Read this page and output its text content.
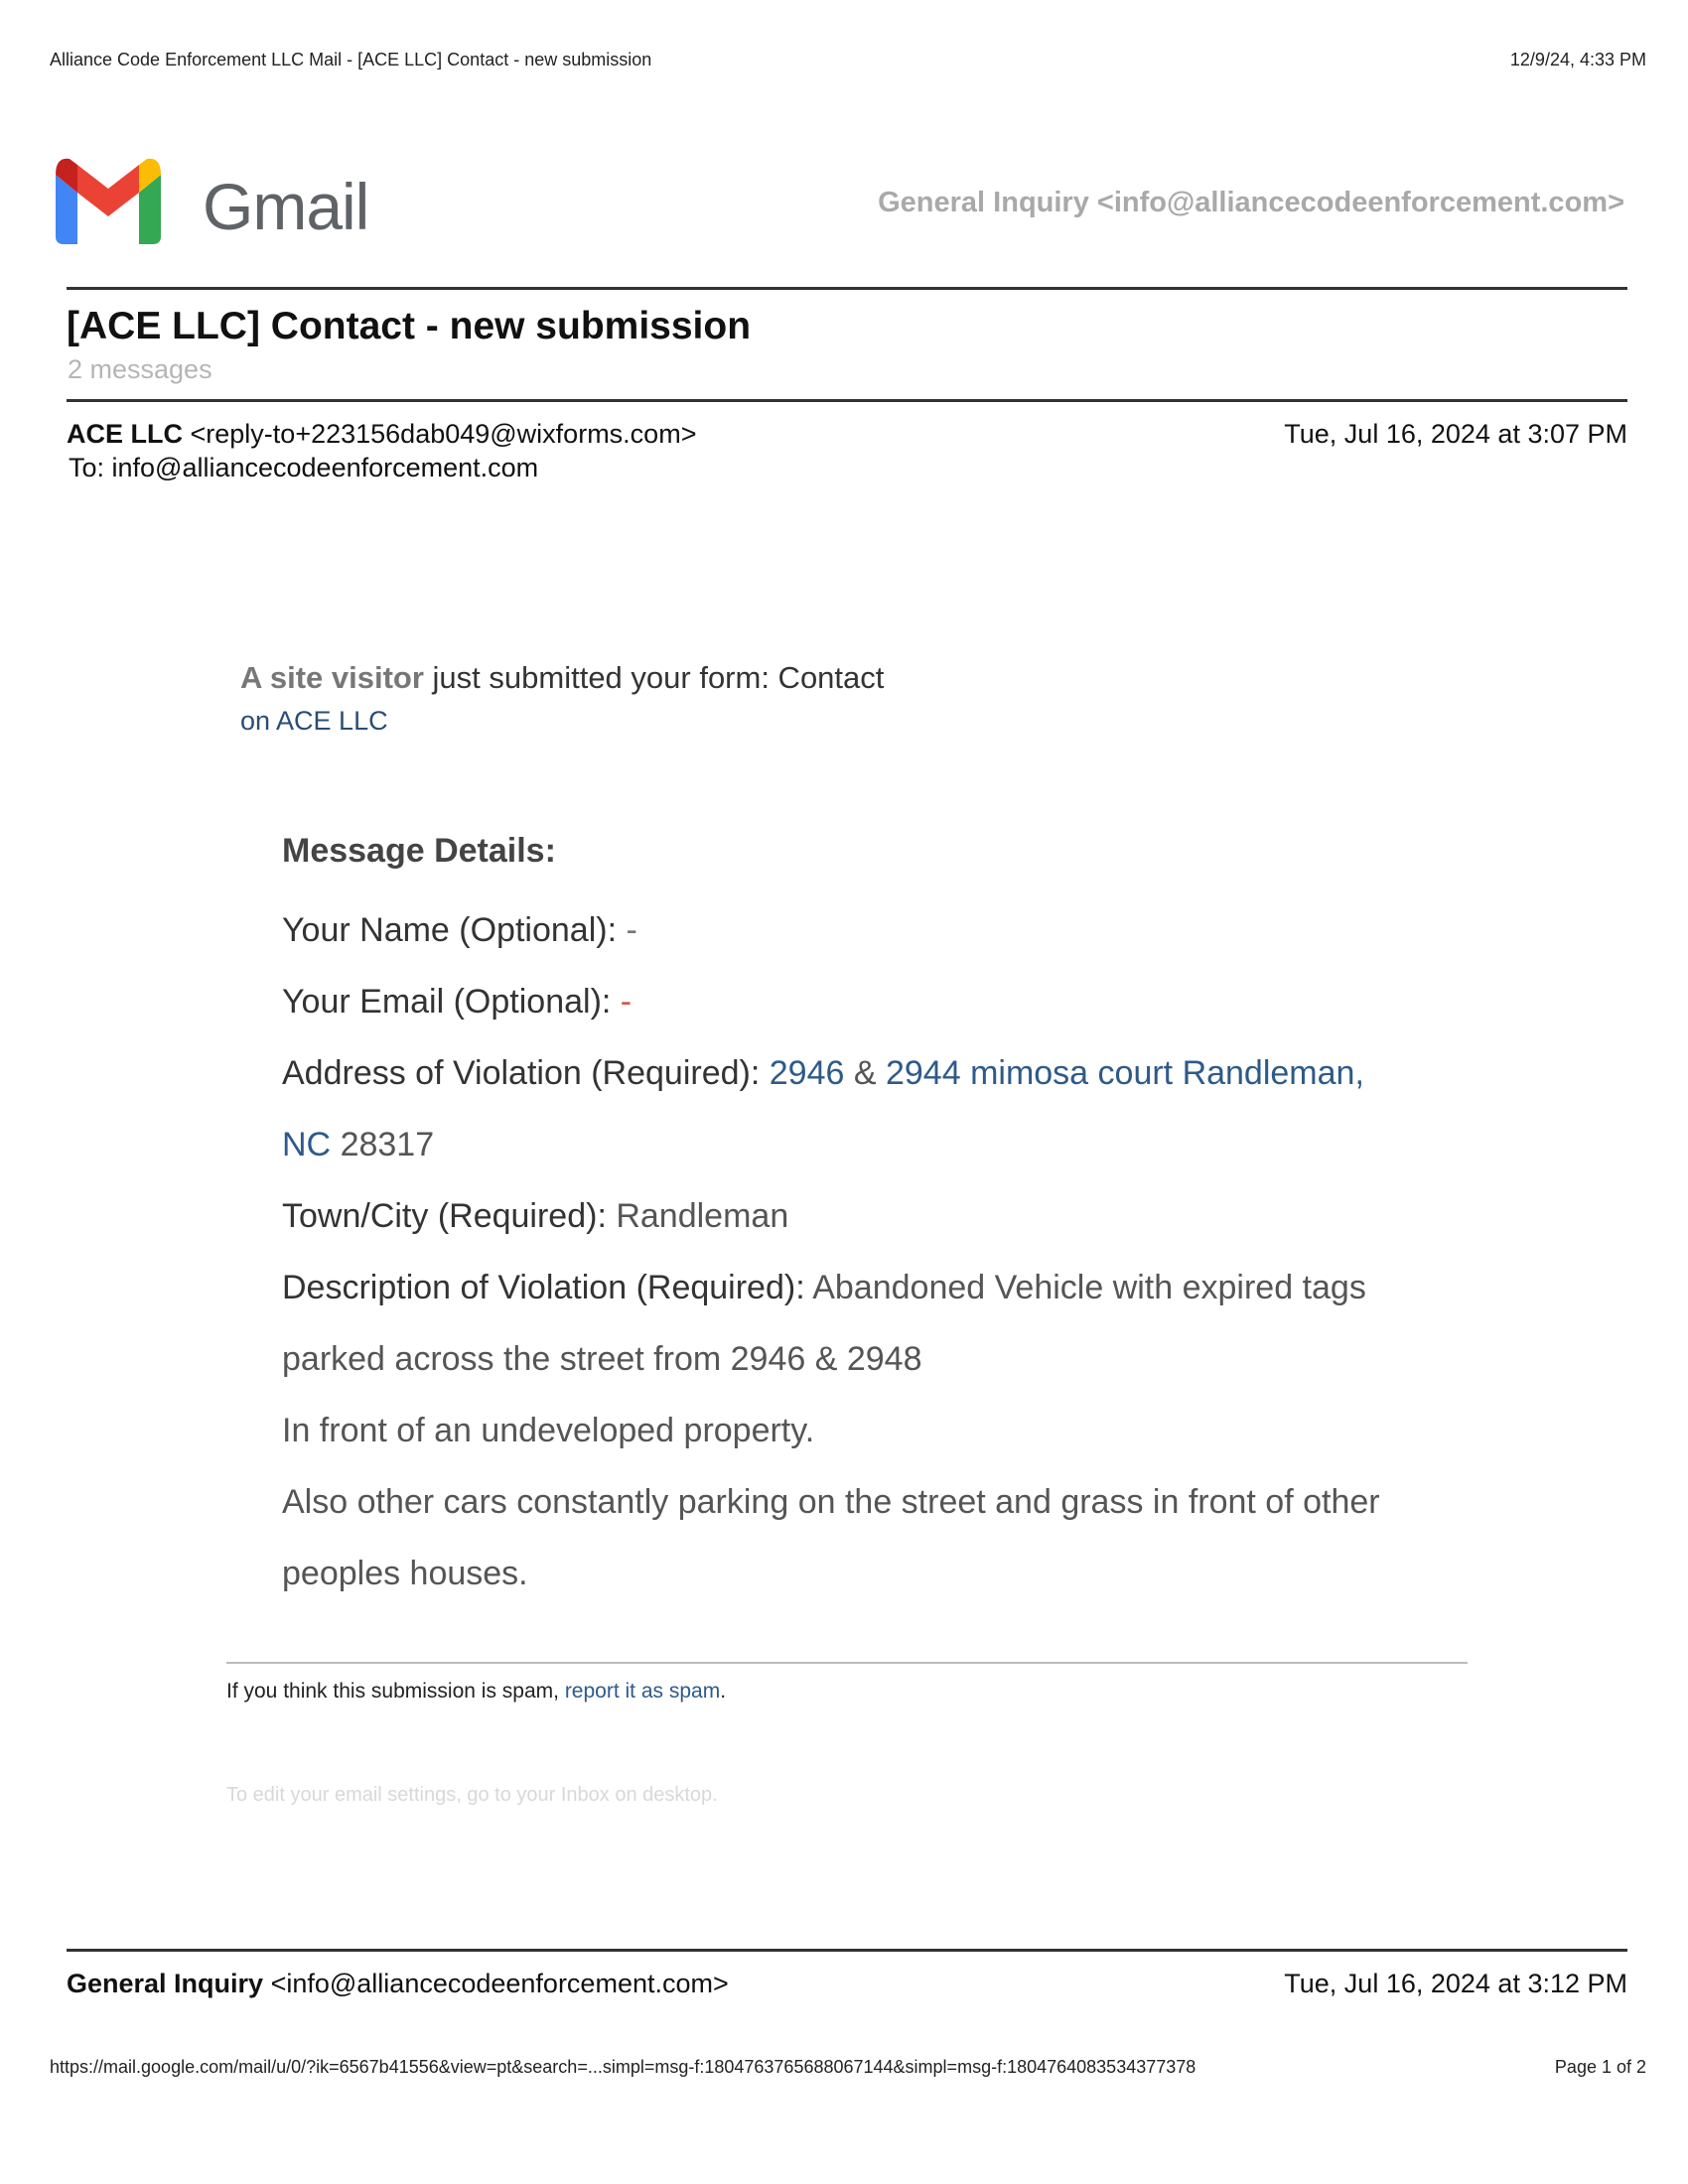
Alliance Code Enforcement LLC Mail - [ACE LLC] Contact - new submission	12/9/24, 4:33 PM
Gmail	General Inquiry <info@alliancecodeenforcement.com>
[ACE LLC] Contact - new submission
2 messages
ACE LLC <reply-to+223156dab049@wixforms.com>
To: info@alliancecodeenforcement.com
Tue, Jul 16, 2024 at 3:07 PM
A site visitor just submitted your form: Contact
on ACE LLC
Message Details:
Your Name (Optional): -
Your Email (Optional): -
Address of Violation (Required): 2946 & 2944 mimosa court Randleman,
NC 28317
Town/City (Required): Randleman
Description of Violation (Required): Abandoned Vehicle with expired tags
parked across the street from 2946 & 2948
In front of an undeveloped property.
Also other cars constantly parking on the street and grass in front of other
peoples houses.
If you think this submission is spam, report it as spam.
To edit your email settings, go to your Inbox on desktop.
General Inquiry <info@alliancecodeenforcement.com>	Tue, Jul 16, 2024 at 3:12 PM
https://mail.google.com/mail/u/0/?ik=6567b41556&view=pt&search=...simpl=msg-f:1804763765688067144&simpl=msg-f:1804764083534377378	Page 1 of 2
